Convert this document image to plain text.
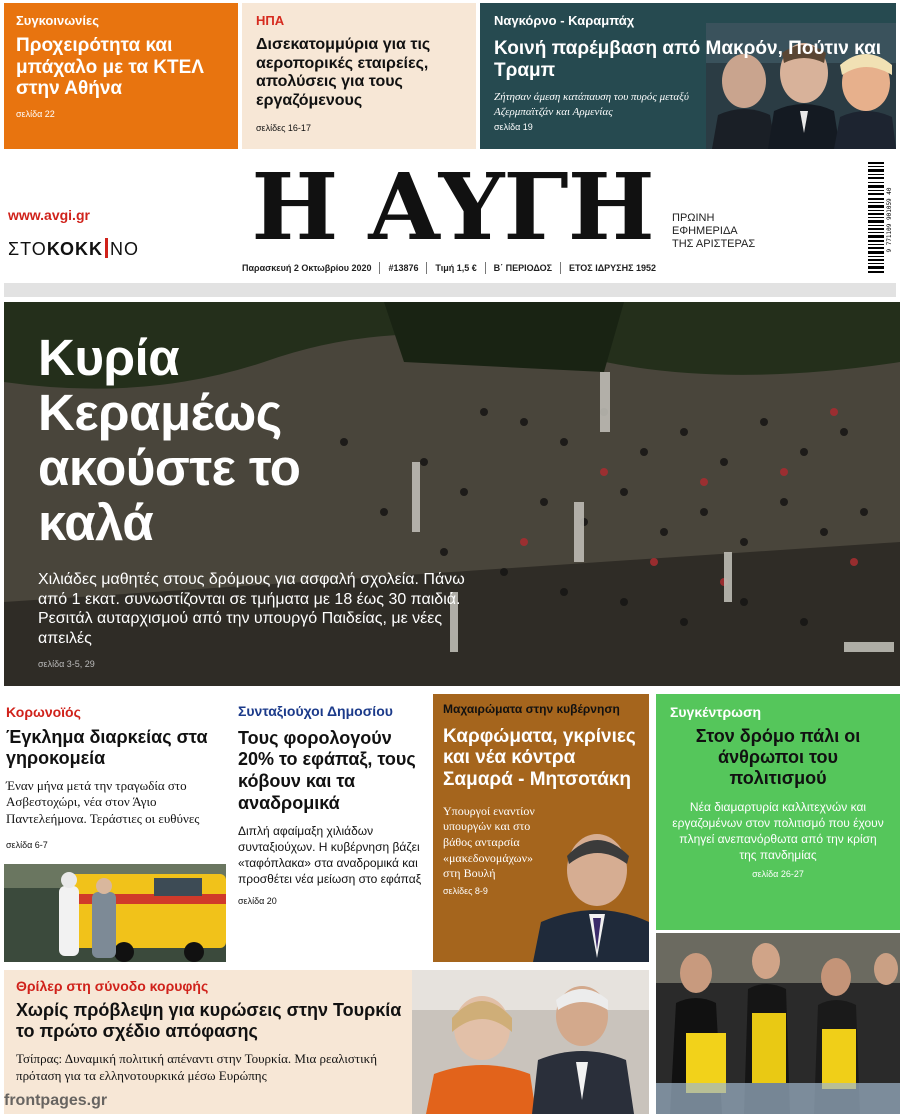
Συγκοινωνίες
Προχειρότητα και μπάχαλο με τα ΚΤΕΛ στην Αθήνα
σελίδα 22
ΗΠΑ
Δισεκατομμύρια για τις αεροπορικές εταιρείες, απολύσεις για τους εργαζόμενους
σελίδες 16-17
Ναγκόρνο - Καραμπάχ
Κοινή παρέμβαση από Μακρόν, Πούτιν και Τραμπ
Ζήτησαν άμεση κατάπαυση του πυρός μεταξύ Αζερμπαϊτζάν και Αρμενίας
σελίδα 19
www.avgi.gr
ΣΤΟΚΟΚΚ ΝΟ Η ΑΥΓΗ	ΠΡΩΙΝΗ
ΕΦΗΜΕΡΙΔΑ
ΤΗΣ ΑΡΙΣΤΕΡΑΣ
Παρασκευή 2 Οκτωβρίου 2020 #13876 Τιμή 1,5 € Β΄ ΠΕΡΙΟΔΟΣ ΕΤΟΣ ΙΔΡΥΣΗΣ 1952
9 771109 901059 40
Κυρία
Κεραμέως
ακούστε το
καλά
Χιλιάδες μαθητές στους δρόμους για ασφαλή σχολεία. Πάνω από 1 εκατ. συνωστίζονται σε τμήματα με 18 έως 30 παιδιά. Ρεσιτάλ αυταρχισμού από την υπουργό Παιδείας, με νέες απειλές
σελίδα 3-5, 29
Κορωνοϊός
Έγκλημα διαρκείας στα γηροκομεία
Έναν μήνα μετά την τραγωδία στο Ασβεστοχώρι, νέα στον Άγιο Παντελεήμονα. Τεράστιες οι ευθύνες
σελίδα 6-7
Συνταξιούχοι Δημοσίου
Τους φορολογούν 20% το εφάπαξ, τους κόβουν και τα αναδρομικά
Διπλή αφαίμαξη χιλιάδων συνταξιούχων. Η κυβέρνηση βάζει «ταφόπλακα» στα αναδρομικά και προσθέτει νέα μείωση στο εφάπαξ
σελίδα 20
Μαχαιρώματα στην κυβέρνηση
Καρφώματα, γκρίνιες και νέα κόντρα Σαμαρά - Μητσοτάκη
Υπουργοί εναντίον υπουργών και στο βάθος ανταρσία «μακεδονομάχων» στη Βουλή
σελίδες 8-9
Συγκέντρωση
Στον δρόμο πάλι οι άνθρωποι του πολιτισμού
Νέα διαμαρτυρία καλλιτεχνών και εργαζομένων στον πολιτισμό που έχουν πληγεί ανεπανόρθωτα από την κρίση της πανδημίας
σελίδα 26-27
Θρίλερ στη σύνοδο κορυφής
Χωρίς πρόβλεψη για κυρώσεις στην Τουρκία το πρώτο σχέδιο απόφασης
Τσίπρας: Δυναμική πολιτική απέναντι στην Τουρκία. Μια ρεαλιστική πρόταση για τα ελληνοτουρκικά μέσω Ευρώπης
frontpages.gr
